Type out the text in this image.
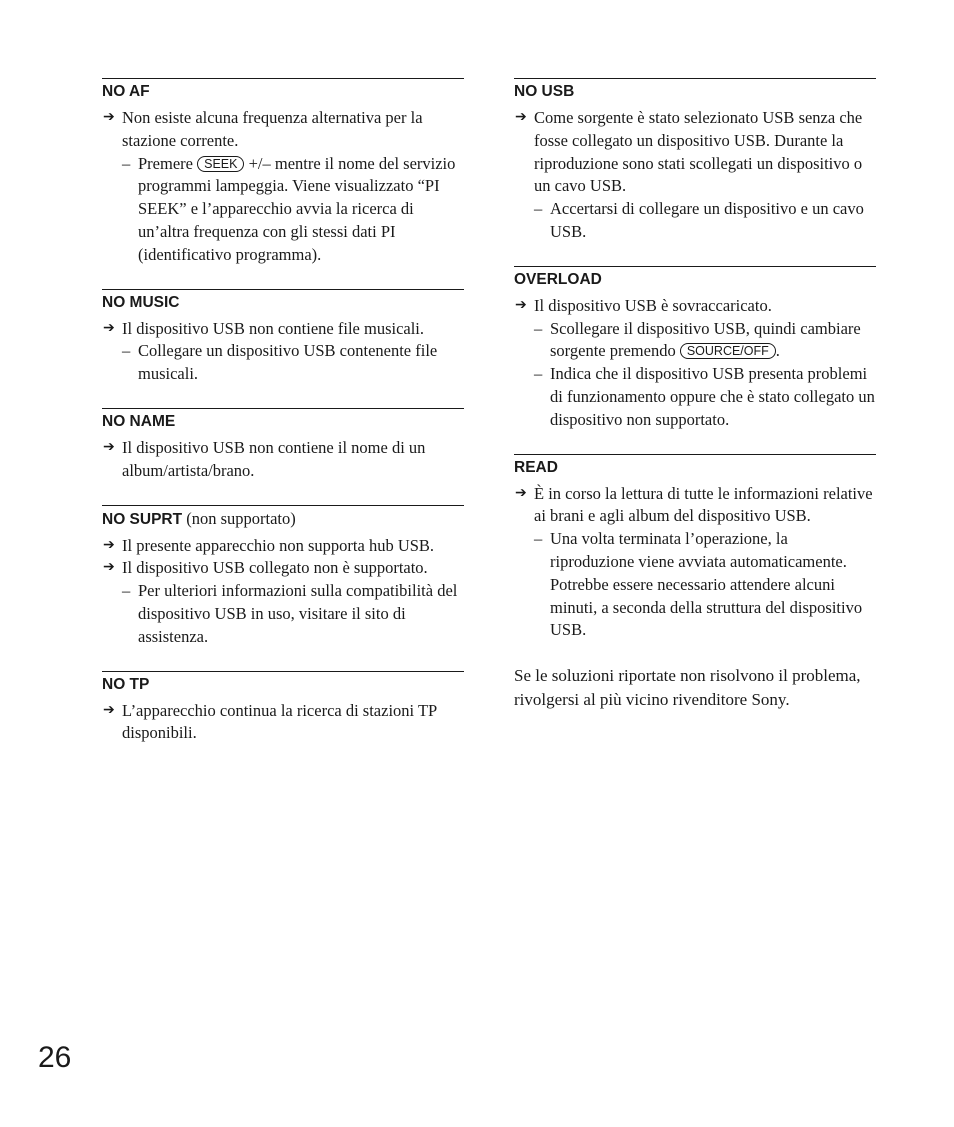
NO AF
➔ Non esiste alcuna frequenza alternativa per la stazione corrente.
– Premere SEEK +/– mentre il nome del servizio programmi lampeggia. Viene visualizzato “PI SEEK” e l’apparecchio avvia la ricerca di un’altra frequenza con gli stessi dati PI (identificativo programma).
NO MUSIC
➔ Il dispositivo USB non contiene file musicali.
– Collegare un dispositivo USB contenente file musicali.
NO NAME
➔ Il dispositivo USB non contiene il nome di un album/artista/brano.
NO SUPRT (non supportato)
➔ Il presente apparecchio non supporta hub USB.
➔ Il dispositivo USB collegato non è supportato.
– Per ulteriori informazioni sulla compatibilità del dispositivo USB in uso, visitare il sito di assistenza.
NO TP
➔ L’apparecchio continua la ricerca di stazioni TP disponibili.
NO USB
➔ Come sorgente è stato selezionato USB senza che fosse collegato un dispositivo USB. Durante la riproduzione sono stati scollegati un dispositivo o un cavo USB.
– Accertarsi di collegare un dispositivo e un cavo USB.
OVERLOAD
➔ Il dispositivo USB è sovraccaricato.
– Scollegare il dispositivo USB, quindi cambiare sorgente premendo SOURCE/OFF .
– Indica che il dispositivo USB presenta problemi di funzionamento oppure che è stato collegato un dispositivo non supportato.
READ
➔ È in corso la lettura di tutte le informazioni relative ai brani e agli album del dispositivo USB.
– Una volta terminata l’operazione, la riproduzione viene avviata automaticamente. Potrebbe essere necessario attendere alcuni minuti, a seconda della struttura del dispositivo USB.

Se le soluzioni riportate non risolvono il problema, rivolgersi al più vicino rivenditore Sony.

26
